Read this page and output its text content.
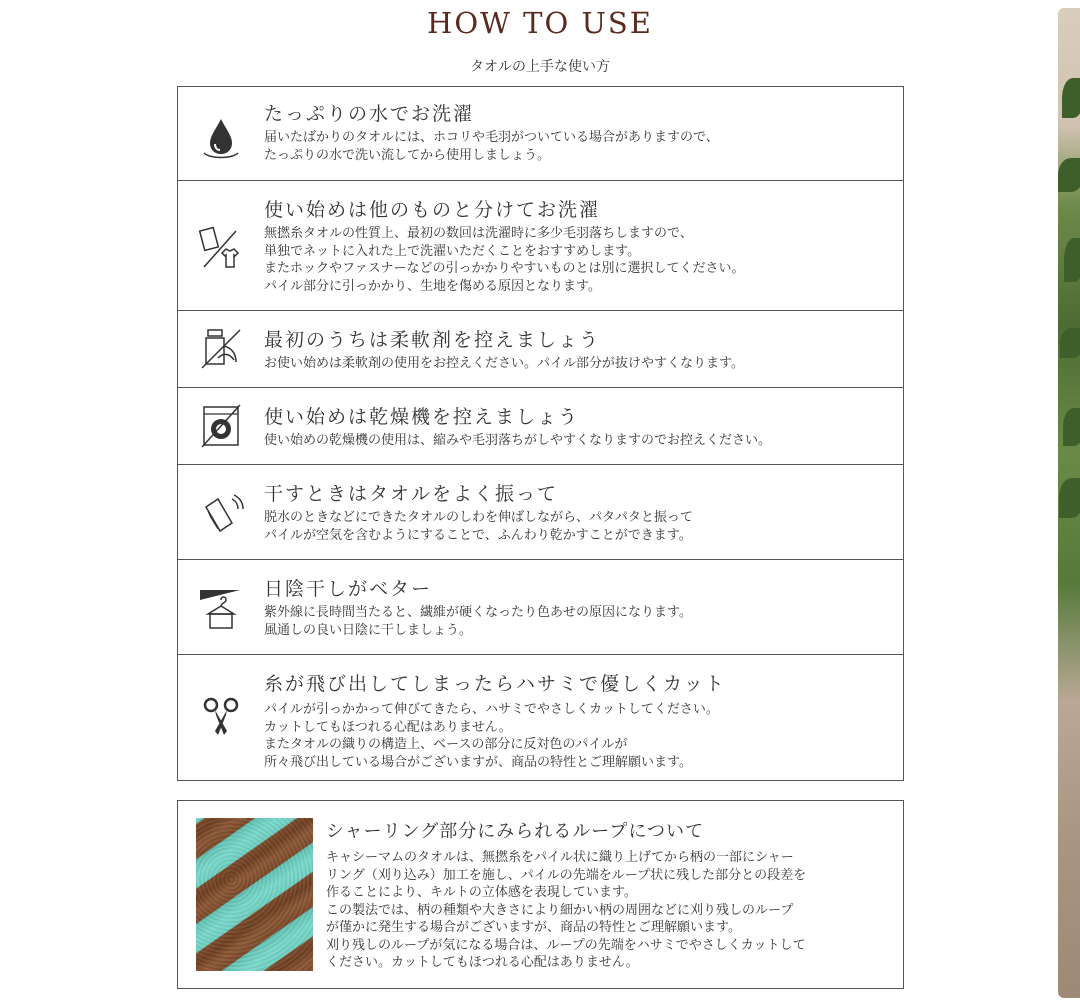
HOW TO USE
タオルの上手な使い方
たっぷりの水でお洗濯
届いたばかりのタオルには、ホコリや毛羽がついている場合がありますので、
たっぷりの水で洗い流してから使用しましょう。
使い始めは他のものと分けてお洗濯
無撚糸タオルの性質上、最初の数回は洗濯時に多少毛羽落ちしますので、
単独でネットに入れた上で洗濯いただくことをおすすめします。
またホックやファスナーなどの引っかかりやすいものとは別に選択してください。
パイル部分に引っかかり、生地を傷める原因となります。
最初のうちは柔軟剤を控えましょう
お使い始めは柔軟剤の使用をお控えください。パイル部分が抜けやすくなります。
使い始めは乾燥機を控えましょう
使い始めの乾燥機の使用は、縮みや毛羽落ちがしやすくなりますのでお控えください。
干すときはタオルをよく振って
脱水のときなどにできたタオルのしわを伸ばしながら、パタパタと振って
パイルが空気を含むようにすることで、ふんわり乾かすことができます。
日陰干しがベター
紫外線に長時間当たると、繊維が硬くなったり色あせの原因になります。
風通しの良い日陰に干しましょう。
糸が飛び出してしまったらハサミで優しくカット
パイルが引っかかって伸びてきたら、ハサミでやさしくカットしてください。
カットしてもほつれる心配はありません。
またタオルの織りの構造上、ベースの部分に反対色のパイルが
所々飛び出している場合がございますが、商品の特性とご理解願います。
シャーリング部分にみられるループについて
キャシーマムのタオルは、無撚糸をパイル状に織り上げてから柄の一部にシャー
リング（刈り込み）加工を施し、パイルの先端をループ状に残した部分との段差を
作ることにより、キルトの立体感を表現しています。
この製法では、柄の種類や大きさにより細かい柄の周囲などに刈り残しのループ
が僅かに発生する場合がございますが、商品の特性とご理解願います。
刈り残しのループが気になる場合は、ループの先端をハサミでやさしくカットして
ください。カットしてもほつれる心配はありません。
